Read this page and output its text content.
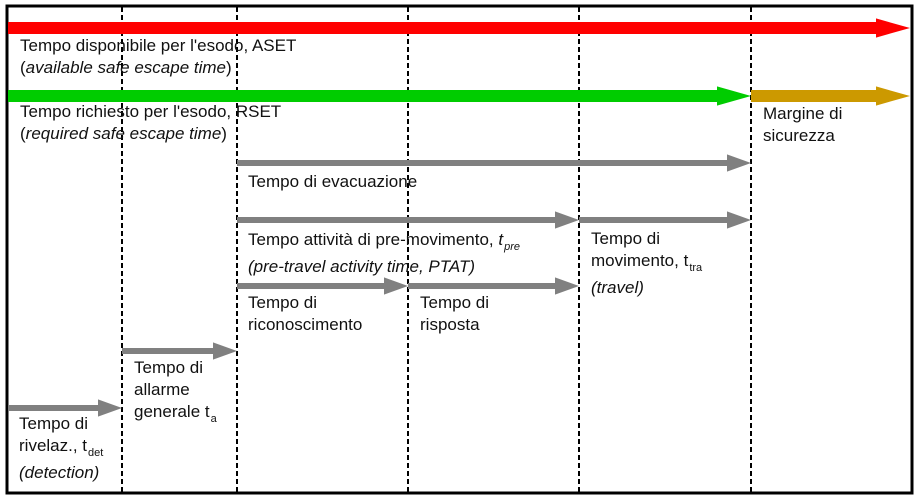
Tempo disponibile per l'esodo, ASET
(available safe escape time)
Tempo richiesto per l'esodo, RSET
(required safe escape time)
Margine di
sicurezza
Tempo di evacuazione
Tempo attività di pre-movimento, $t_{pre}$
(pre-travel activity time, PTAT)
Tempo di
movimento, $t_{tra}$
(travel)
Tempo di
riconoscimento
Tempo di
risposta
Tempo di
allarme
generale $t_a$
Tempo di
rivelaz., $t_{det}$
(detection)
